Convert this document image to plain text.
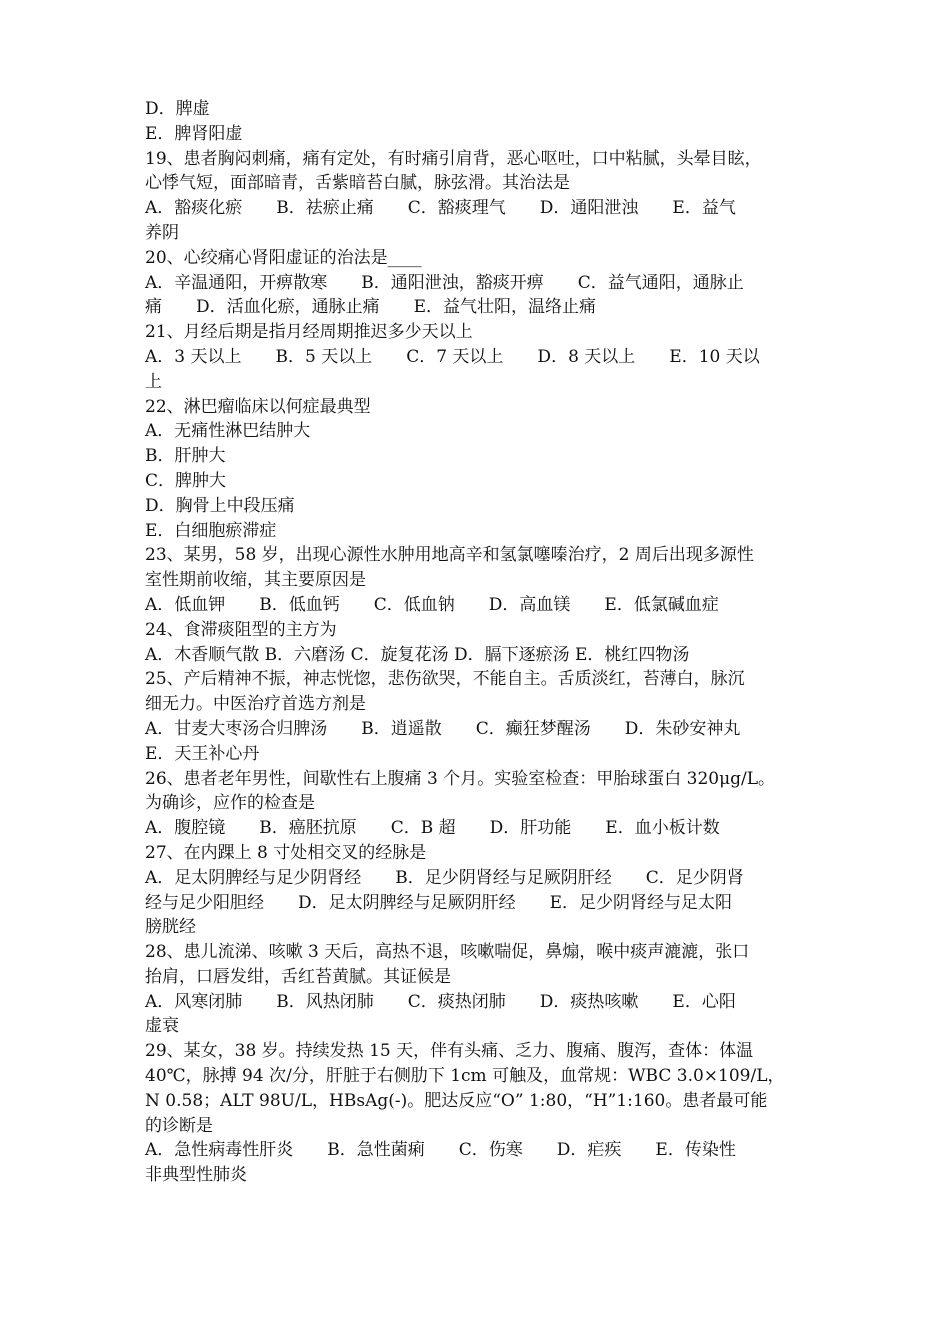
D．脾虚
E．脾肾阳虚
19、患者胸闷刺痛，痛有定处，有时痛引肩背，恶心呕吐，口中粘腻，头晕目眩，
心悸气短，面部暗青，舌紫暗苔白腻，脉弦滑。其治法是
A．豁痰化瘀　　B．祛瘀止痛　　C．豁痰理气　　D．通阳泄浊　　E．益气
养阴
20、心绞痛心肾阳虚证的治法是____
A．辛温通阳，开痹散寒　　B．通阳泄浊，豁痰开痹　　C．益气通阳，通脉止
痛　　D．活血化瘀，通脉止痛　　E．益气壮阳，温络止痛
21、月经后期是指月经周期推迟多少天以上
A．3 天以上　　B．5 天以上　　C．7 天以上　　D．8 天以上　　E．10 天以
上
22、淋巴瘤临床以何症最典型
A．无痛性淋巴结肿大
B．肝肿大
C．脾肿大
D．胸骨上中段压痛
E．白细胞瘀滞症
23、某男，58 岁，出现心源性水肿用地高辛和氢氯噻嗪治疗，2 周后出现多源性
室性期前收缩，其主要原因是
A．低血钾　　B．低血钙　　C．低血钠　　D．高血镁　　E．低氯碱血症
24、食滞痰阻型的主方为
A．木香顺气散 B．六磨汤 C．旋复花汤 D．膈下逐瘀汤 E．桃红四物汤
25、产后精神不振，神志恍惚，悲伤欲哭，不能自主。舌质淡红，苔薄白，脉沉
细无力。中医治疗首选方剂是
A．甘麦大枣汤合归脾汤　　B．逍遥散　　C．癫狂梦醒汤　　D．朱砂安神丸
E．天王补心丹
26、患者老年男性，间歇性右上腹痛 3 个月。实验室检查：甲胎球蛋白 320μg/L。
为确诊，应作的检查是
A．腹腔镜　　B．癌胚抗原　　C．B 超　　D．肝功能　　E．血小板计数
27、在内踝上 8 寸处相交叉的经脉是
A．足太阴脾经与足少阴肾经　　B．足少阴肾经与足厥阴肝经　　C．足少阴肾
经与足少阳胆经　　D．足太阴脾经与足厥阴肝经　　E．足少阴肾经与足太阳
膀胱经
28、患儿流涕、咳嗽 3 天后，高热不退，咳嗽喘促，鼻煽，喉中痰声漉漉，张口
抬肩，口唇发绀，舌红苔黄腻。其证候是
A．风寒闭肺　　B．风热闭肺　　C．痰热闭肺　　D．痰热咳嗽　　E．心阳
虚衰
29、某女，38 岁。持续发热 15 天，伴有头痛、乏力、腹痛、腹泻，查体：体温
40℃，脉搏 94 次/分，肝脏于右侧肋下 1cm 可触及，血常规：WBC 3.0×109/L，
N 0.58；ALT 98U/L，HBsAg(-)。肥达反应“O” 1:80，“H”1:160。患者最可能
的诊断是
A．急性病毒性肝炎　　B．急性菌痢　　C．伤寒　　D．疟疾　　E．传染性
非典型性肺炎
